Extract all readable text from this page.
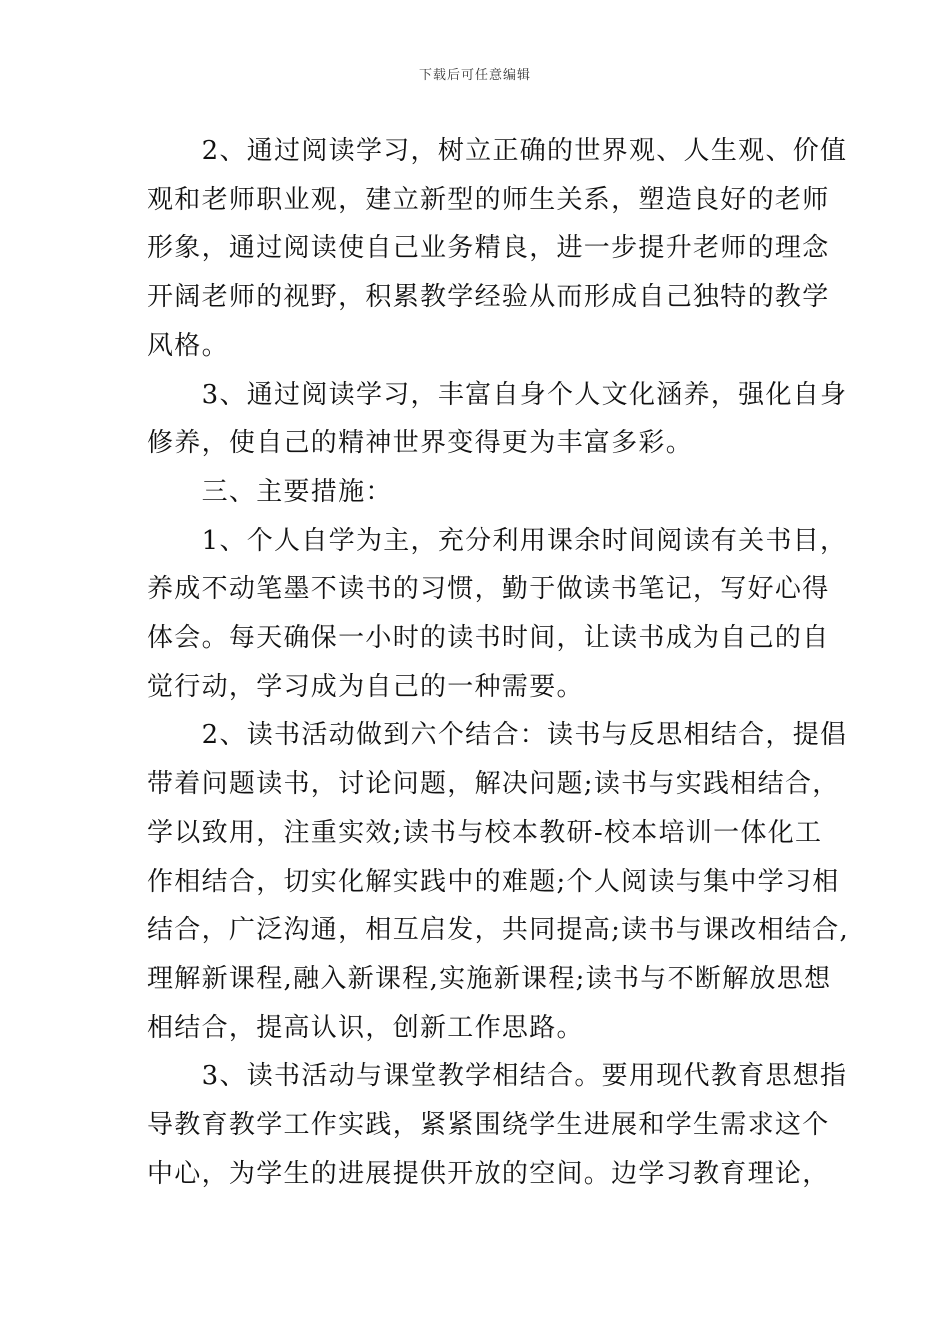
下载后可任意编辑
　　2、通过阅读学习，树立正确的世界观、人生观、价值
观和老师职业观，建立新型的师生关系，塑造良好的老师
形象，通过阅读使自己业务精良，进一步提升老师的理念
开阔老师的视野，积累教学经验从而形成自己独特的教学
风格。
　　3、通过阅读学习，丰富自身个人文化涵养，强化自身
修养，使自己的精神世界变得更为丰富多彩。
　　三、主要措施：
　　1、个人自学为主，充分利用课余时间阅读有关书目，
养成不动笔墨不读书的习惯，勤于做读书笔记，写好心得
体会。每天确保一小时的读书时间，让读书成为自己的自
觉行动，学习成为自己的一种需要。
　　2、读书活动做到六个结合：读书与反思相结合，提倡
带着问题读书，讨论问题，解决问题;读书与实践相结合，
学以致用，注重实效;读书与校本教研-校本培训一体化工
作相结合，切实化解实践中的难题;个人阅读与集中学习相
结合，广泛沟通，相互启发，共同提高;读书与课改相结合,
理解新课程,融入新课程,实施新课程;读书与不断解放思想
相结合，提高认识，创新工作思路。
　　3、读书活动与课堂教学相结合。要用现代教育思想指
导教育教学工作实践，紧紧围绕学生进展和学生需求这个
中心，为学生的进展提供开放的空间。边学习教育理论，
